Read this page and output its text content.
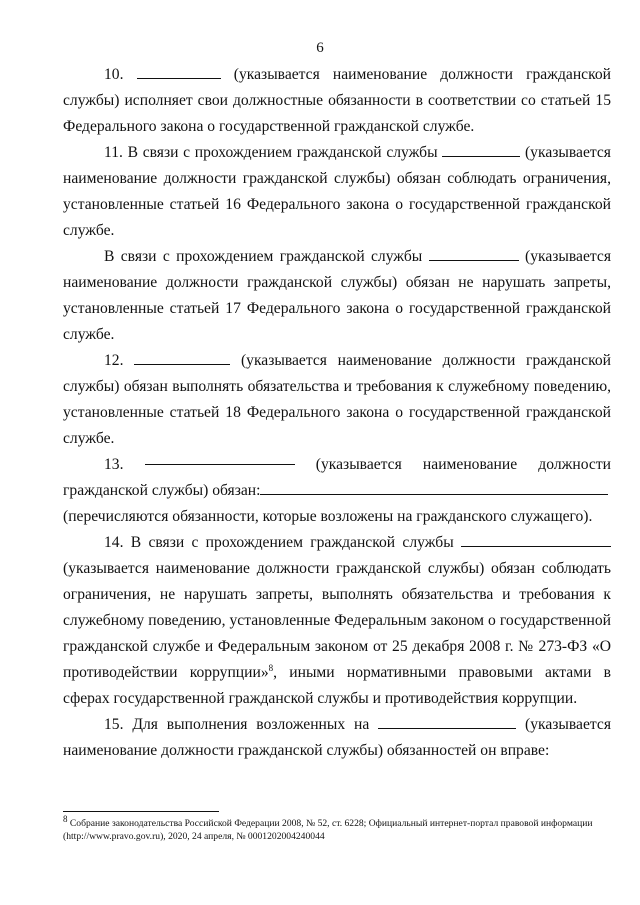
6

10.	(указывается наименование должности гражданской службы) исполняет свои должностные обязанности в соответствии со статьей 15 Федерального закона о государственной гражданской службе.

11. В связи с прохождением гражданской службы	(указывается наименование должности гражданской службы) обязан соблюдать ограничения, установленные статьей 16 Федерального закона о государственной гражданской службе.

В связи с прохождением гражданской службы	(указывается наименование должности гражданской службы) обязан не нарушать запреты, установленные статьей 17 Федерального закона о государственной гражданской службе.

12.	(указывается наименование должности гражданской службы) обязан выполнять обязательства и требования к служебному поведению, установленные статьей 18 Федерального закона о государственной гражданской службе.

13.	(указывается наименование должности

гражданской службы) обязан:

(перечисляются обязанности, которые возложены на гражданского служащего).

14. В связи с прохождением гражданской службы  (указывается наименование должности гражданской службы) обязан соблюдать ограничения, не нарушать запреты, выполнять обязательства и требования к служебному поведению, установленные Федеральным законом о государственной гражданской службе и Федеральным законом от 25 декабря 2008 г. № 273-ФЗ «О противодействии коррупции»$^8$, иными нормативными правовыми актами в сферах государственной гражданской службы и противодействия коррупции.

15. Для выполнения возложенных на	(указывается наименование должности гражданской службы) обязанностей он вправе:

8 Собрание законодательства Российской Федерации 2008, № 52, ст. 6228; Официальный интернет-портал правовой информации (http://www.pravo.gov.ru), 2020, 24 апреля, № 0001202004240044
